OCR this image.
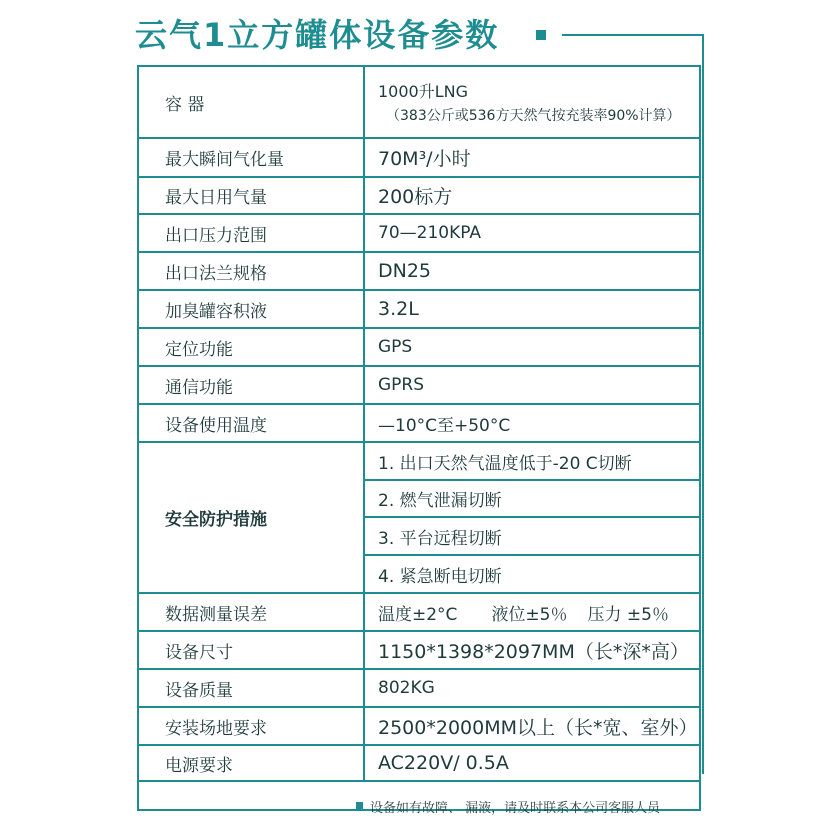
云气1立方罐体设备参数
容 器	1000升LNG
（383公斤或536方天然气按充装率90%计算）

最大瞬间气化量	70M³/小时
最大日用气量	200标方
出口压力范围	70—210KPA
出口法兰规格	DN25
加臭罐容积液	3.2L
定位功能	GPS
通信功能	GPRS
设备使用温度	—10°C至+50°C
安全防护措施	1. 出口天然气温度低于-20 C切断
	2. 燃气泄漏切断
	3. 平台远程切断
	4. 紧急断电切断
数据测量误差	温度±2°C 液位±5％ 压力 ±5％
设备尺寸	1150*1398*2097MM（长*深*高）
设备质量	802KG
安装场地要求	2500*2000MM以上（长*宽、室外）
电源要求	AC220V/ 0.5A
设备如有故障、 漏液，请及时联系本公司客服人员
